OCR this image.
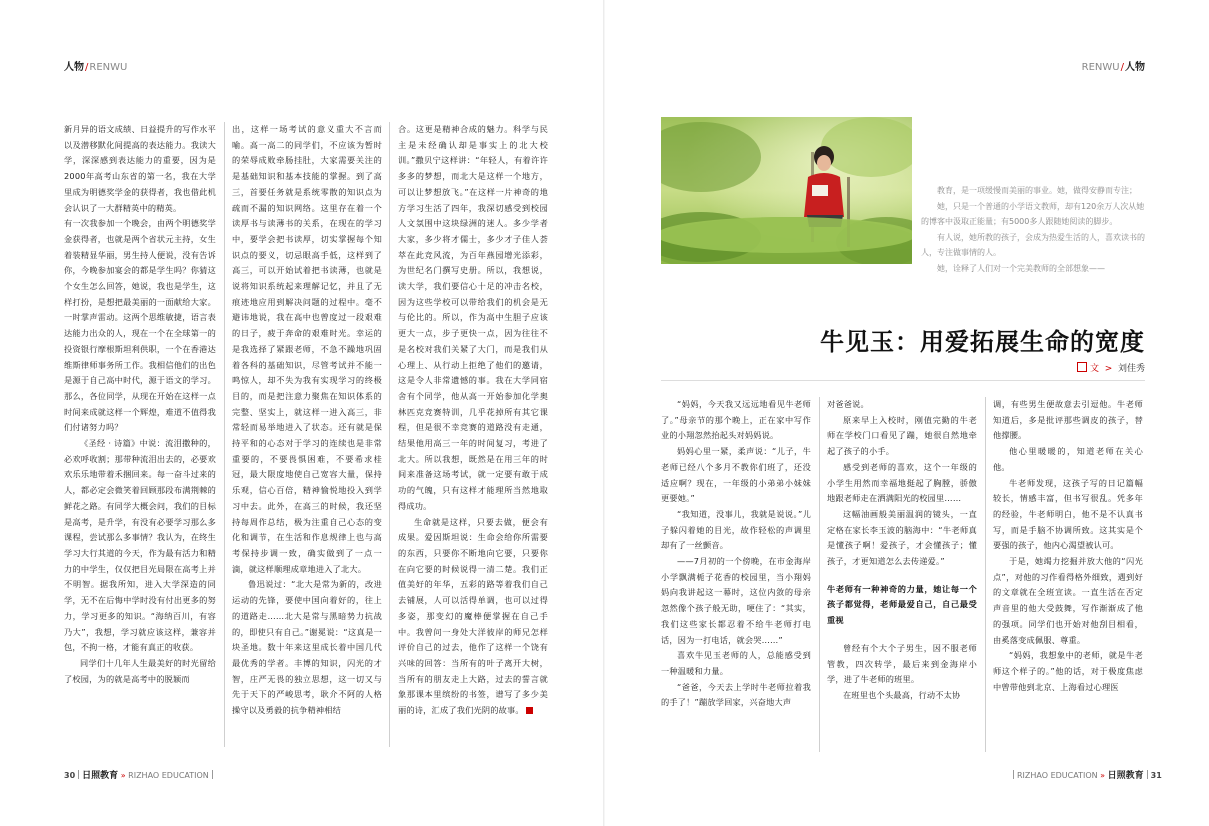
人物/RENWU

新月异的语文成绩、日益提升的写作水平以及潜移默化间提高的表达能力。我读大学，深深感到表达能力的重要，因为是2000年高考山东省的第一名，我在大学里成为明德奖学金的获得者，我也借此机会认识了一大群精英中的精英。

有一次我参加一个晚会，由两个明德奖学金获得者，也就是两个省状元主持，女生着装精显华丽，男生持人便说，没有告诉你，今晚参加宴会的都是学生吗？你猜这个女生怎么回答，她说，我也是学生，这样打扮，是想把最美丽的一面献给大家。一时掌声雷动。这两个思维敏捷，语言表达能力出众的人，现在一个在全球第一的投资银行摩根斯坦利供职，一个在香港达维斯律师事务所工作。我相信他们的出色是源于自己高中时代，源于语文的学习。那么，各位同学，从现在开始在这样一点时间来成就这样一个辉煌，难道不值得我们付诸努力吗？

《圣经 · 诗篇》中说：流泪撒种的，必欢呼收割；那带种流泪出去的，必要欢欢乐乐地带着禾捆回来。每一奋斗过来的人，都必定会微笑着回顾那段布满荆棘的鲜花之路。有同学大概会问，我们的目标是高考，是升学，有没有必要学习那么多课程，尝试那么多事情？我认为，在终生学习大行其道的今天，作为最有活力和精力的中学生，仅仅把目光局限在高考上并不明智。据我所知，进入大学深造的同学，无不在后悔中学时没有付出更多的努力，学习更多的知识。“海纳百川，有容乃大”，我想，学习就应该这样，兼容并包，不拘一格，才能有真正的收获。

同学们十几年人生最美好的时光留给了校园，为的就是高考中的脱颖而

出，这样一场考试的意义重大不言而喻。高一高二的同学们，不应该为暂时的荣辱成败牵肠挂肚，大家需要关注的是基础知识和基本技能的掌握。到了高三，首要任务就是系统零散的知识点为疏而不漏的知识网络。这里存在着一个读厚书与读薄书的关系，在现在的学习中，要学会把书读厚，切实掌握每个知识点的要义，切忌眼高手低，这样到了高三，可以开始试着把书读薄，也就是说将知识系统起来理解记忆，并且了无痕迹地应用到解决问题的过程中。毫不避讳地说，我在高中也曾度过一段艰难的日子，疲于奔命的艰难时光。幸运的是我选择了紧跟老师，不急不躁地巩固着各科的基础知识，尽管考试并不能一鸣惊人，却不失为我有实现学习的终极目的，而是把注意力聚焦在知识体系的完整、坚实上，就这样一进入高三，非常轻而易举地进入了状态。还有就是保持平和的心态对于学习的连续也是非常重要的，不要畏惧困难，不要希求桂冠，最大限度地使自己宽容大量，保持乐观，信心百倍，精神愉悦地投入到学习中去。此外，在高三的时候，我还坚持每周作总结，极为注重自己心态的变化和调节，在生活和作息规律上也与高考保持步调一致，确实做到了一点一滴，就这样顺理成章地进入了北大。

鲁迅说过：“北大是常为新的，改进运动的先锋，要使中国向着好的，往上的道路走……北大是常与黑暗势力抗战的，即使只有自己。”谢冕说：“这真是一块圣地。数十年来这里成长着中国几代最优秀的学者。丰博的知识，闪光的才智，庄严无畏的独立思想，这一切又与先于天下的严峻思考，耿介不阿的人格操守以及勇毅的抗争精神相结

合。这更是精神合成的魅力。科学与民主是未经确认却是事实上的北大校训。”撒贝宁这样讲：“年轻人，有着许许多多的梦想，而北大是这样一个地方，可以让梦想放飞。”在这样一片神奇的地方学习生活了四年，我深切感受到校园人文氛围中这块绿洲的迷人。多少学者大家，多少将才儒士，多少才子佳人荟萃在此竞风流，为百年燕园增光添彩，为世纪名门撰写史册。所以，我想说，读大学，我们要信心十足的冲击名校，因为这些学校可以带给我们的机会是无与伦比的。所以，作为高中生胆子应该更大一点，步子更快一点，因为往往不是名校对我们关紧了大门，而是我们从心理上、从行动上拒绝了他们的邀请，这是令人非常遗憾的事。我在大学同宿舍有个同学，他从高一开始参加化学奥林匹克竞赛特训，几乎花掉所有其它课程，但是很不幸竞赛的道路没有走通，结果他用高三一年的时间复习，考进了北大。所以我想，既然是在用三年的时间来准备这场考试，就一定要有敢于成功的气魄，只有这样才能理所当然地取得成功。

生命就是这样，只要去做，便会有成果。爱因斯坦说：生命会给你所需要的东西，只要你不断地向它要，只要你在向它要的时候说得一清二楚。我们正值美好的年华，五彩的路等着我们自己去铺展，人可以活得单调，也可以过得多姿，那变幻的魔棒便掌握在自己手中。我曾问一身处大洋彼岸的师兄怎样评价自己的过去，他作了这样一个饶有兴味的回答：当所有的叶子离开大树，当所有的朋友走上大路，过去的誓言就象那课本里缤纷的书签，谱写了多少美丽的诗，汇成了我们光阴的故事。

30 日照教育 » RIZHAO EDUCATION
RENWU/人物

教育，是一项缓慢而美丽的事业。她，做得安静而专注；

她，只是一个普通的小学语文教师，却有120余万人次从她的博客中汲取正能量；有5000多人跟随她阅读的脚步。

有人说，她所教的孩子，会成为热爱生活的人，喜欢读书的人，专注做事情的人。

她，诠释了人们对一个完美教师的全部想象——

牛见玉：用爱拓展生命的宽度
文 > 刘佳秀

“妈妈，今天我又远远地看见牛老师了。”母亲节的那个晚上，正在家中写作业的小翔忽然抬起头对妈妈说。

妈妈心里一紧，柔声说：“儿子，牛老师已经八个多月不教你们班了，还没适应啊？现在，一年级的小弟弟小妹妹更要她。”

“我知道，没事儿，我就是说说。”儿子躲闪着她的目光，故作轻松的声调里却有了一丝颤音。

——7月初的一个傍晚，在市金海岸小学飘满栀子花香的校园里，当小翔妈妈向我讲起这一幕时，这位内敛的母亲忽然像个孩子般无助，哽住了：“其实，我们这些家长都忍着不给牛老师打电话，因为一打电话，就会哭……”

喜欢牛见玉老师的人，总能感受到一种温暖和力量。

“爸爸，今天去上学时牛老师拉着我的手了！”蹦放学回家，兴奋地大声

对爸爸说。

原来早上入校时，刚值完勤的牛老师在学校门口看见了蹦，她很自然地牵起了孩子的小手。

感受到老师的喜欢，这个一年级的小学生用然而幸福地挺起了胸膛，骄傲地跟老师走在洒满阳光的校园里……

这幅油画般美丽温润的镜头，一直定格在家长李玉波的脑海中：“牛老师真是懂孩子啊！爱孩子，才会懂孩子；懂孩子，才更知道怎么去传递爱。”

牛老师有一种神奇的力量，她让每一个孩子都觉得，老师最爱自己，自己最受重视

曾经有个大个子男生，因不服老师管教，四次转学，最后来到金海岸小学，进了牛老师的班里。

在班里也个头最高，行动不太协

调，有些男生便故意去引逗他。牛老师知道后，多是批评那些调皮的孩子，替他撑腰。

他心里暖暖的，知道老师在关心他。

牛老师发现，这孩子写的日记篇幅较长，情感丰富，但书写很乱。凭多年的经验，牛老师明白，他不是不认真书写，而是手脑不协调所致。这其实是个要强的孩子，他内心渴望被认可。

于是，她竭力挖掘并放大他的“闪光点”，对他的习作看得格外细致，遇到好的文章就在全班宣读。一直生活在否定声音里的他大受鼓舞，写作渐渐成了他的强项。同学们也开始对他刮目相看，由奚落变成佩服、尊重。

“妈妈，我想象中的老师，就是牛老师这个样子的。”他的话，对于极度焦虑中曾带他到北京、上海看过心理医

RIZHAO EDUCATION » 日照教育 31
